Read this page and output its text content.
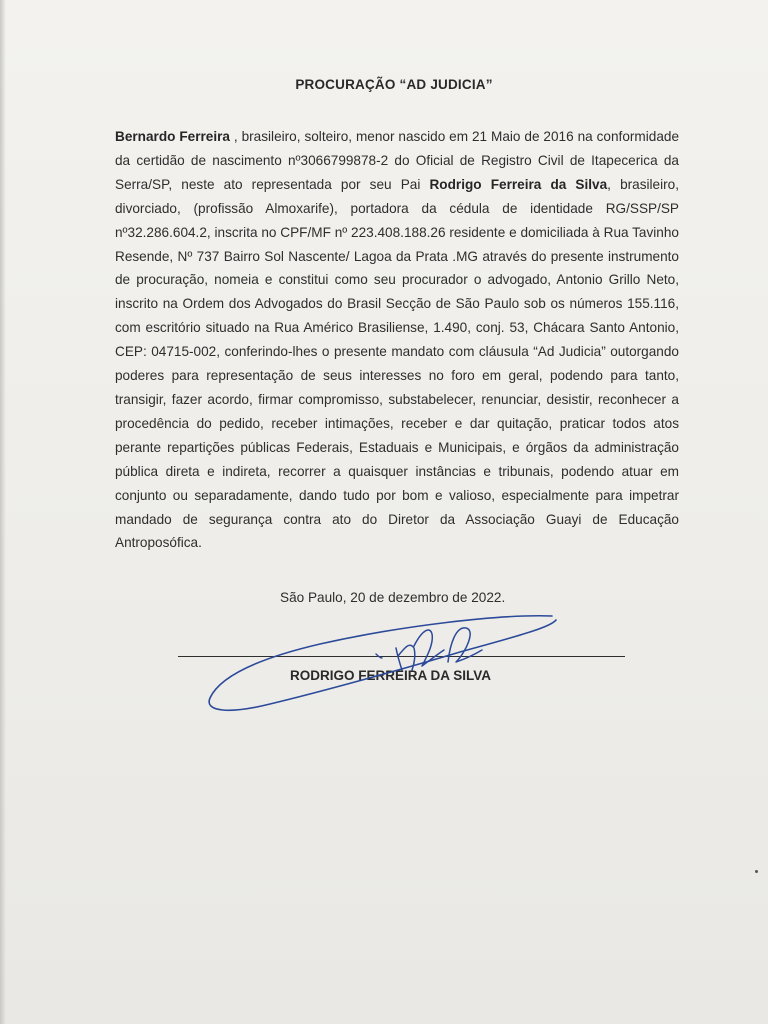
PROCURAÇÃO “AD JUDICIA”
Bernardo Ferreira , brasileiro, solteiro, menor nascido em 21 Maio de 2016 na conformidade da certidão de nascimento nº3066799878-2 do Oficial de Registro Civil de Itapecerica da Serra/SP, neste ato representada por seu Pai Rodrigo Ferreira da Silva, brasileiro, divorciado, (profissão Almoxarife), portadora da cédula de identidade RG/SSP/SP nº32.286.604.2, inscrita no CPF/MF nº 223.408.188.26 residente e domiciliada à Rua Tavinho Resende, Nº 737 Bairro Sol Nascente/ Lagoa da Prata .MG através do presente instrumento de procuração, nomeia e constitui como seu procurador o advogado, Antonio Grillo Neto, inscrito na Ordem dos Advogados do Brasil Secção de São Paulo sob os números 155.116, com escritório situado na Rua Américo Brasiliense, 1.490, conj. 53, Chácara Santo Antonio, CEP: 04715-002, conferindo-lhes o presente mandato com cláusula “Ad Judicia” outorgando poderes para representação de seus interesses no foro em geral, podendo para tanto, transigir, fazer acordo, firmar compromisso, substabelecer, renunciar, desistir, reconhecer a procedência do pedido, receber intimações, receber e dar quitação, praticar todos atos perante repartições públicas Federais, Estaduais e Municipais, e órgãos da administração pública direta e indireta, recorrer a quaisquer instâncias e tribunais, podendo atuar em conjunto ou separadamente, dando tudo por bom e valioso, especialmente para impetrar mandado de segurança contra ato do Diretor da Associação Guayi de Educação Antroposófica.
São Paulo, 20 de dezembro de 2022.
RODRIGO FERREIRA DA SILVA
